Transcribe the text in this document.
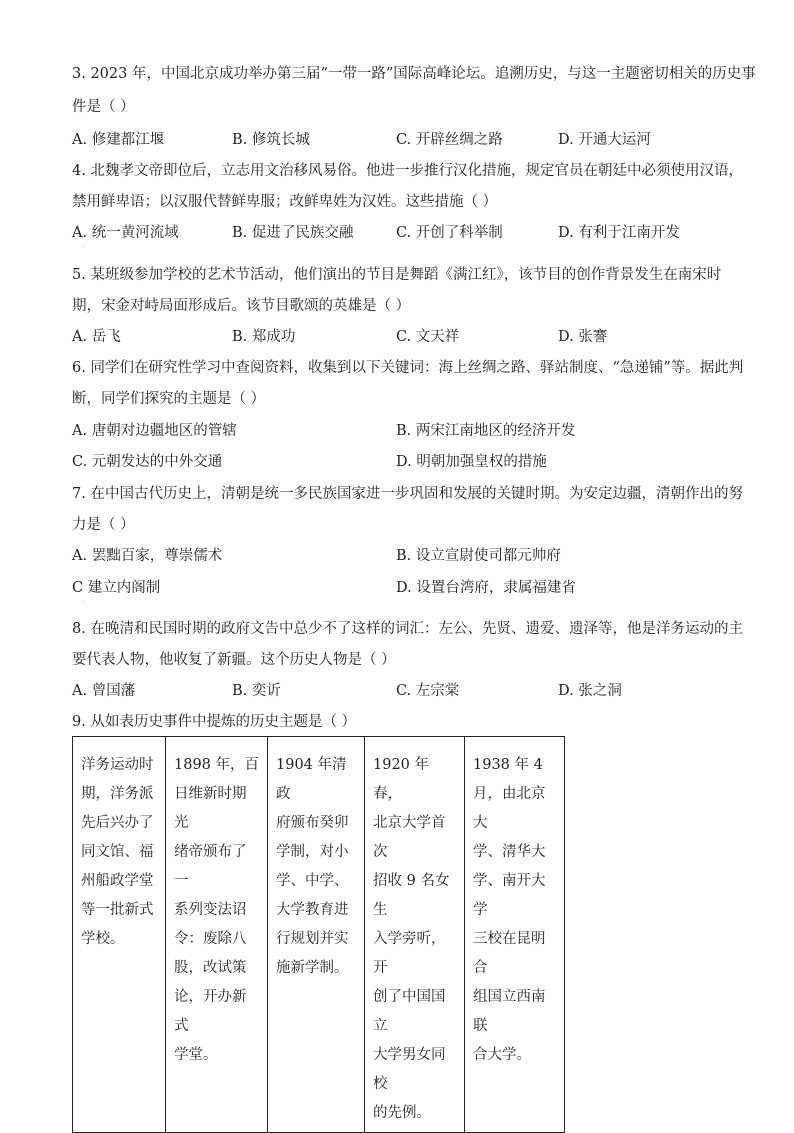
3. 2023 年，中国北京成功举办第三届“一带一路”国际高峰论坛。追溯历史，与这一主题密切相关的历史事
件是（ ）
A. 修建都江堰	B. 修筑长城	C. 开辟丝绸之路	D. 开通大运河
4. 北魏孝文帝即位后，立志用文治移风易俗。他进一步推行汉化措施，规定官员在朝廷中必须使用汉语，
禁用鲜卑语；以汉服代替鲜卑服；改鲜卑姓为汉姓。这些措施（ ）
A. 统一黄河流域	B. 促进了民族交融	C. 开创了科举制	D. 有利于江南开发
·
5. 某班级参加学校的艺术节活动，他们演出的节目是舞蹈《满江红》，该节目的创作背景发生在南宋时
期，宋金对峙局面形成后。该节目歌颂的英雄是（ ）
A. 岳飞	B. 郑成功	C. 文天祥	D. 张謇
6. 同学们在研究性学习中查阅资料，收集到以下关键词：海上丝绸之路、驿站制度、“急递铺”等。据此判
断，同学们探究的主题是（ ）
A. 唐朝对边疆地区的管辖	B. 两宋江南地区的经济开发
C. 元朝发达的中外交通	D. 明朝加强皇权的措施
7. 在中国古代历史上，清朝是统一多民族国家进一步巩固和发展的关键时期。为安定边疆，清朝作出的努
力是（ ）
A. 罢黜百家，尊崇儒术	B. 设立宣尉使司都元帅府
C 建立内阁制	D. 设置台湾府，隶属福建省
·
8. 在晚清和民国时期的政府文告中总少不了这样的词汇：左公、先贤、遗爱、遗泽等，他是洋务运动的主
要代表人物，他收复了新疆。这个历史人物是（ ）
A. 曾国藩	B. 奕䜣	C. 左宗棠	D. 张之洞
9. 从如表历史事件中提炼的历史主题是（ ）
洋务运动时
期，洋务派
先后兴办了
同文馆、福
州船政学堂
等一批新式
学校。	1898 年，百
日维新时期光
绪帝颁布了一
系列变法诏
令：废除八
股，改试策
论，开办新式
学堂。	1904 年清政
府颁布癸卯
学制，对小
学、中学、
大学教育进
行规划并实
施新学制。	1920 年春，
北京大学首次
招收 9 名女生
入学旁听，开
创了中国国立
大学男女同校
的先例。	1938 年 4
月，由北京大
学、清华大
学、南开大学
三校在昆明合
组国立西南联
合大学。
